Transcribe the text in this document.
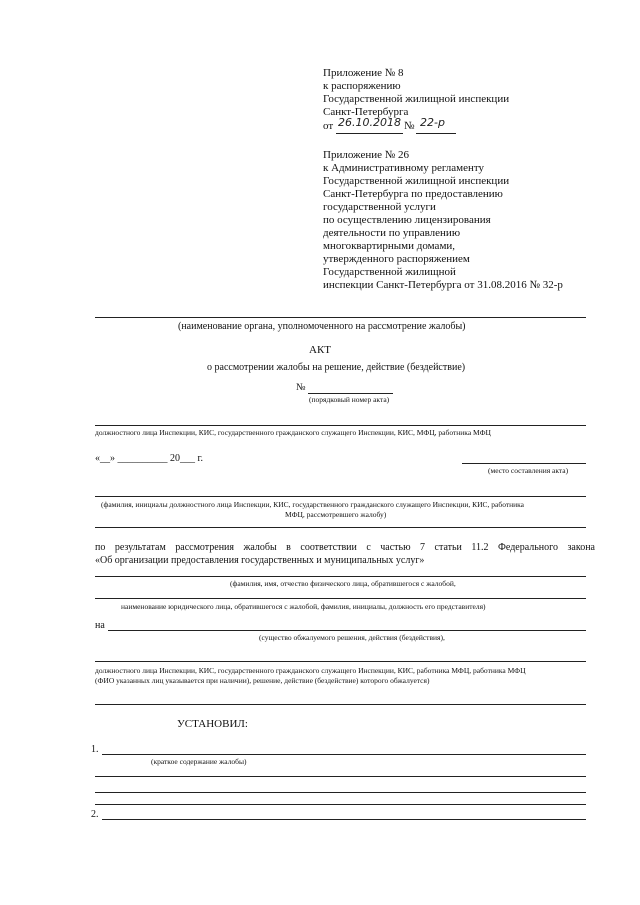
Приложение № 8
к распоряжению
Государственной жилищной инспекции
Санкт-Петербурга
от 26.10.2018 № 22-р
Приложение № 26
к Административному регламенту
Государственной жилищной инспекции
Санкт-Петербурга по предоставлению
государственной услуги
по осуществлению лицензирования
деятельности по управлению
многоквартирными домами,
утвержденного распоряжением
Государственной жилищной
инспекции Санкт-Петербурга от 31.08.2016 № 32-р
(наименование органа, уполномоченного на рассмотрение жалобы)
АКТ
о рассмотрении жалобы на решение, действие (бездействие)
№
(порядковый номер акта)
должностного лица Инспекции, КИС, государственного гражданского служащего Инспекции, КИС, МФЦ, работника МФЦ
«__» __________ 20___ г.
(место составления акта)
(фамилия, инициалы должностного лица Инспекции, КИС, государственного гражданского служащего Инспекции, КИС, работника
МФЦ, рассмотревшего жалобу)
по результатам рассмотрения жалобы в соответствии с частью 7 статьи 11.2 Федерального закона
«Об организации предоставления государственных и муниципальных услуг»
(фамилия, имя, отчество физического лица, обратившегося с жалобой,
наименование юридического лица, обратившегося с жалобой, фамилия, инициалы, должность его представителя)
на
(существо обжалуемого решения, действия (бездействия),
должностного лица Инспекции, КИС, государственного гражданского служащего Инспекции, КИС, работника МФЦ, работника МФЦ
(ФИО указанных лиц указывается при наличии), решение, действие (бездействие) которого обжалуется)
УСТАНОВИЛ:
1.
(краткое содержание жалобы)
2.
